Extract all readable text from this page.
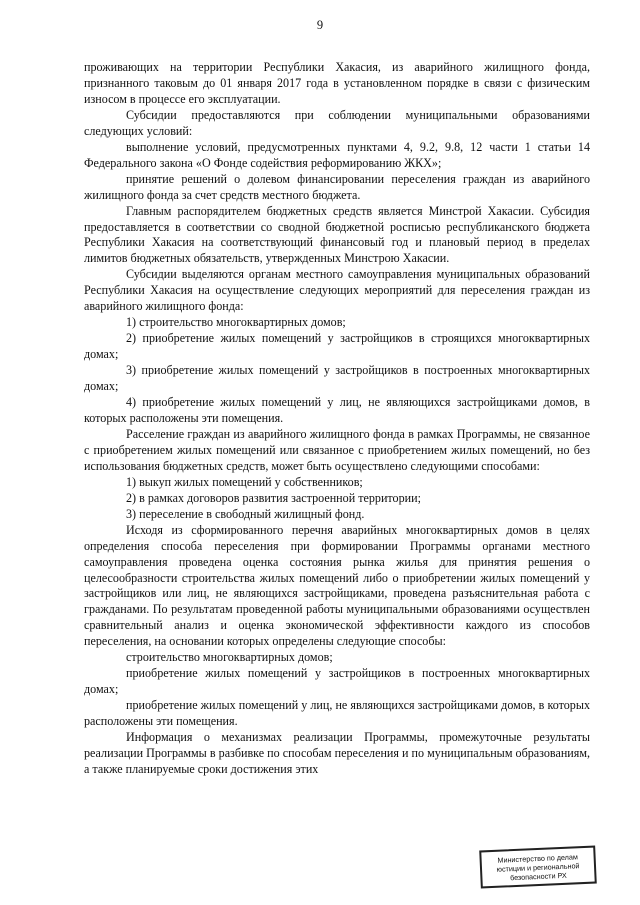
9

проживающих на территории Республики Хакасия, из аварийного жилищного фонда, признанного таковым до 01 января 2017 года в установленном порядке в связи с физическим износом в процессе его эксплуатации.

Субсидии предоставляются при соблюдении муниципальными образованиями следующих условий:

выполнение условий, предусмотренных пунктами 4, 9.2, 9.8, 12 части 1 статьи 14 Федерального закона «О Фонде содействия реформированию ЖКХ»;

принятие решений о долевом финансировании переселения граждан из аварийного жилищного фонда за счет средств местного бюджета.

Главным распорядителем бюджетных средств является Минстрой Хакасии. Субсидия предоставляется в соответствии со сводной бюджетной росписью республиканского бюджета Республики Хакасия на соответствующий финансовый год и плановый период в пределах лимитов бюджетных обязательств, утвержденных Минстрою Хакасии.

Субсидии выделяются органам местного самоуправления муниципальных образований Республики Хакасия на осуществление следующих мероприятий для переселения граждан из аварийного жилищного фонда:

1) строительство многоквартирных домов;

2) приобретение жилых помещений у застройщиков в строящихся многоквартирных домах;

3) приобретение жилых помещений у застройщиков в построенных многоквартирных домах;

4) приобретение жилых помещений у лиц, не являющихся застройщиками домов, в которых расположены эти помещения.

Расселение граждан из аварийного жилищного фонда в рамках Программы, не связанное с приобретением жилых помещений или связанное с приобретением жилых помещений, но без использования бюджетных средств, может быть осуществлено следующими способами:

1) выкуп жилых помещений у собственников;

2) в рамках договоров развития застроенной территории;

3) переселение в свободный жилищный фонд.

Исходя из сформированного перечня аварийных многоквартирных домов в целях определения способа переселения при формировании Программы органами местного самоуправления проведена оценка состояния рынка жилья для принятия решения о целесообразности строительства жилых помещений либо о приобретении жилых помещений у застройщиков или лиц, не являющихся застройщиками, проведена разъяснительная работа с гражданами. По результатам проведенной работы муниципальными образованиями осуществлен сравнительный анализ и оценка экономической эффективности каждого из способов переселения, на основании которых определены следующие способы:

строительство многоквартирных домов;

приобретение жилых помещений у застройщиков в построенных многоквартирных домах;

приобретение жилых помещений у лиц, не являющихся застройщиками домов, в которых расположены эти помещения.

Информация о механизмах реализации Программы, промежуточные результаты реализации Программы в разбивке по способам переселения и по муниципальным образованиям, а также планируемые сроки достижения этих

Министерство по делам
юстиции и региональной
безопасности РХ
